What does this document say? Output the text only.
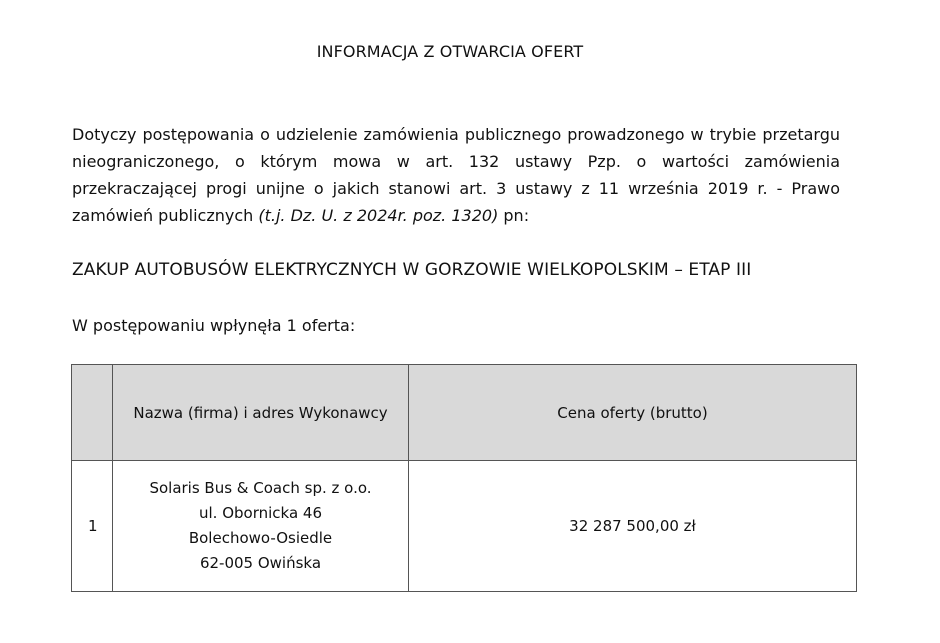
INFORMACJA Z OTWARCIA OFERT

Dotyczy postępowania o udzielenie zamówienia publicznego prowadzonego w trybie przetargu nieograniczonego, o którym mowa w art. 132 ustawy Pzp. o wartości zamówienia przekraczającej progi unijne o jakich stanowi art. 3 ustawy z 11 września 2019 r. - Prawo zamówień publicznych (t.j. Dz. U. z 2024r. poz. 1320) pn:

ZAKUP AUTOBUSÓW ELEKTRYCZNYCH W GORZOWIE WIELKOPOLSKIM – ETAP III
W postępowaniu wpłynęła 1 oferta:
	Nazwa (firma) i adres Wykonawcy	Cena oferty (brutto)
1	Solaris Bus & Coach sp. z o.o.
ul. Obornicka 46
Bolechowo-Osiedle
62-005 Owińska	32 287 500,00 zł
